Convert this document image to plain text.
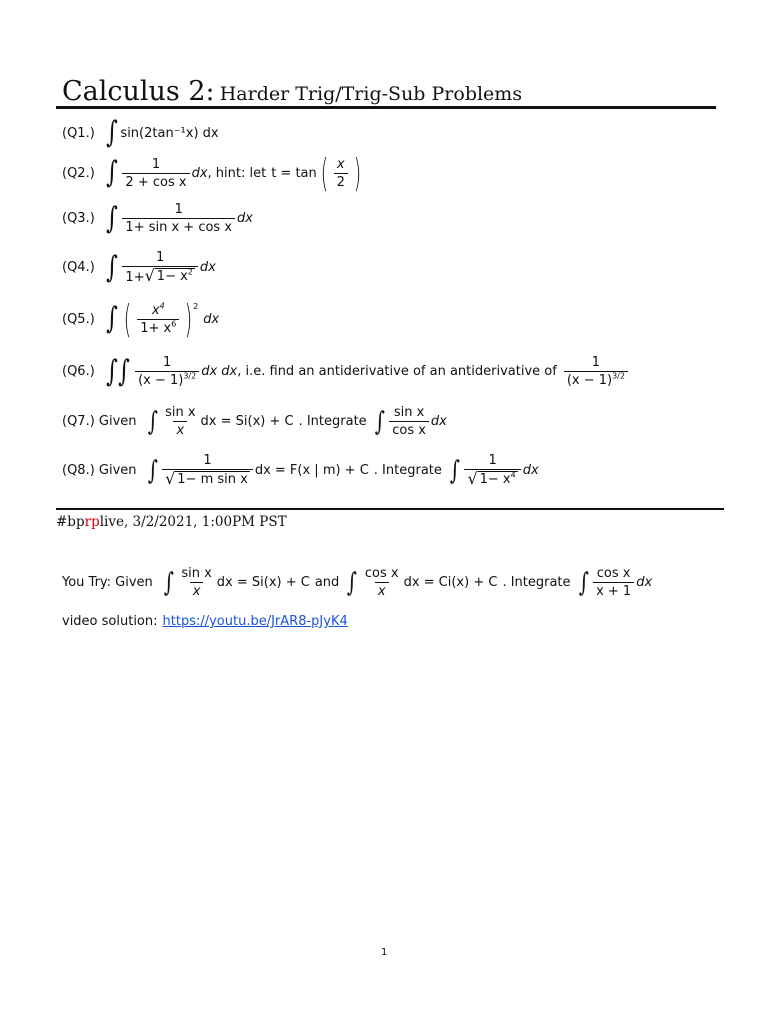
Calculus 2: Harder Trig/Trig-Sub Problems
(Q1.) ∫ sin(2tan⁻¹x) dx
(Q2.) ∫ $\frac{1}{\text{2 + cos x}}$ dx , hint: let t = tan ( $\frac{x}{2}$ )
(Q3.) ∫ $\frac{1}{\text{1+ sin x + cos x}}$ dx
(Q4.) ∫ $\frac{1}{1+ √ 1- x^2}$ dx
(Q5.) ∫ ( $\frac{x^4}{1+ x^6}$ ) 2
dx
(Q6.) ∫ ∫ $\frac{1}{(x - 1)^{3/2}}$ dx dx , i.e. find an antiderivative of an antiderivative of $\frac{1}{(x - 1)^{3/2}}$
(Q7.) Given ∫ $\frac{\text{sin x}}{x}$ dx = Si(x) + C . Integrate ∫ $\frac{\text{sin x}}{\text{cos x}}$ dx
(Q8.) Given ∫ $\frac{1}{\text{√ 1− m sin x}}$ dx = F(x | m) + C . Integrate ∫ $\frac{1}{√ 1- x^4}$ dx
#bprplive, 3/2/2021, 1:00PM PST
You Try: Given ∫ $\frac{\text{sin x}}{x}$ dx = Si(x) + C and ∫ $\frac{\text{cos x}}{x}$ dx = Ci(x) + C . Integrate ∫ $\frac{\text{cos x}}{x + 1}$ dx
video solution: https://youtu.be/JrAR8-pJyK4
1
